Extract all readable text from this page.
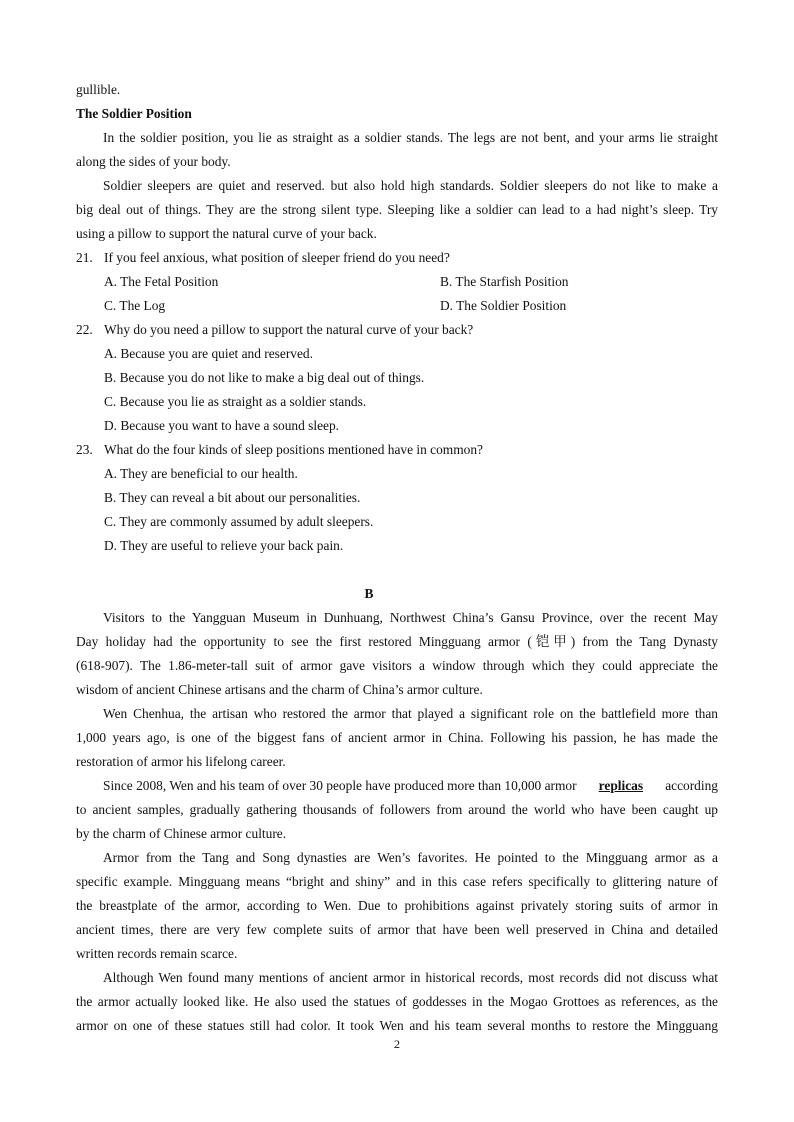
gullible.
The Soldier Position
In the soldier position, you lie as straight as a soldier stands. The legs are not bent, and your arms lie straight
along the sides of your body.
Soldier sleepers are quiet and reserved. but also hold high standards. Soldier sleepers do not like to make a
big deal out of things. They are the strong silent type. Sleeping like a soldier can lead to a had night’s sleep. Try
using a pillow to support the natural curve of your back.
21. If you feel anxious, what position of sleeper friend do you need?
A. The Fetal Position	B. The Starfish Position
C. The Log	D. The Soldier Position
22. Why do you need a pillow to support the natural curve of your back?
A. Because you are quiet and reserved.
B. Because you do not like to make a big deal out of things.
C. Because you lie as straight as a soldier stands.
D. Because you want to have a sound sleep.
23. What do the four kinds of sleep positions mentioned have in common?
A. They are beneficial to our health.
B. They can reveal a bit about our personalities.
C. They are commonly assumed by adult sleepers.
D. They are useful to relieve your back pain.
B
Visitors to the Yangguan Museum in Dunhuang, Northwest China’s Gansu Province, over the recent May
Day holiday had the opportunity to see the first restored Mingguang armor (铠甲) from the Tang Dynasty
(618-907). The 1.86-meter-tall suit of armor gave visitors a window through which they could appreciate the
wisdom of ancient Chinese artisans and the charm of China’s armor culture.
Wen Chenhua, the artisan who restored the armor that played a significant role on the battlefield more than
1,000 years ago, is one of the biggest fans of ancient armor in China. Following his passion, he has made the
restoration of armor his lifelong career.
Since 2008, Wen and his team of over 30 people have produced more than 10,000 armor replicas according
to ancient samples, gradually gathering thousands of followers from around the world who have been caught up
by the charm of Chinese armor culture.
Armor from the Tang and Song dynasties are Wen’s favorites. He pointed to the Mingguang armor as a
specific example. Mingguang means “bright and shiny” and in this case refers specifically to glittering nature of
the breastplate of the armor, according to Wen. Due to prohibitions against privately storing suits of armor in
ancient times, there are very few complete suits of armor that have been well preserved in China and detailed
written records remain scarce.
Although Wen found many mentions of ancient armor in historical records, most records did not discuss what
the armor actually looked like. He also used the statues of goddesses in the Mogao Grottoes as references, as the
armor on one of these statues still had color. It took Wen and his team several months to restore the Mingguang
2
